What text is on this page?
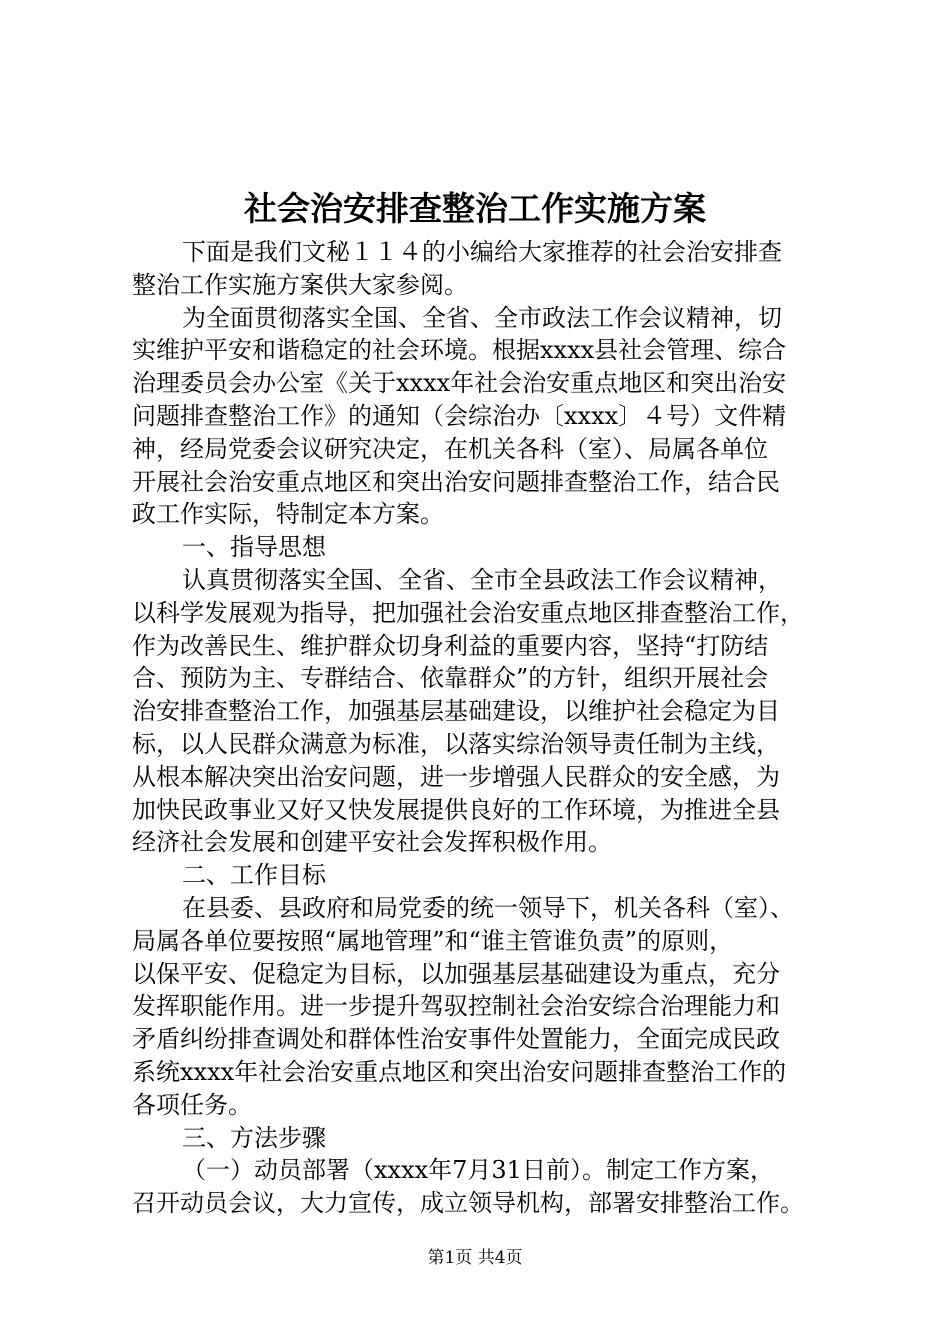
社会治安排查整治工作实施方案
下面是我们文秘１１４的小编给大家推荐的社会治安排查
整治工作实施方案供大家参阅。
为全面贯彻落实全国、全省、全市政法工作会议精神，切
实维护平安和谐稳定的社会环境。根据xxxx县社会管理、综合
治理委员会办公室《关于xxxx年社会治安重点地区和突出治安
问题排查整治工作》的通知（会综治办〔xxxx〕４号）文件精
神，经局党委会议研究决定，在机关各科（室）、局属各单位
开展社会治安重点地区和突出治安问题排查整治工作，结合民
政工作实际，特制定本方案。
一、指导思想
认真贯彻落实全国、全省、全市全县政法工作会议精神，
以科学发展观为指导，把加强社会治安重点地区排查整治工作，
作为改善民生、维护群众切身利益的重要内容，坚持“打防结
合、预防为主、专群结合、依靠群众”的方针，组织开展社会
治安排查整治工作，加强基层基础建设，以维护社会稳定为目
标，以人民群众满意为标准，以落实综治领导责任制为主线，
从根本解决突出治安问题，进一步增强人民群众的安全感，为
加快民政事业又好又快发展提供良好的工作环境，为推进全县
经济社会发展和创建平安社会发挥积极作用。
二、工作目标
在县委、县政府和局党委的统一领导下，机关各科（室）、
局属各单位要按照“属地管理”和“谁主管谁负责”的原则，
以保平安、促稳定为目标，以加强基层基础建设为重点，充分
发挥职能作用。进一步提升驾驭控制社会治安综合治理能力和
矛盾纠纷排查调处和群体性治安事件处置能力，全面完成民政
系统xxxx年社会治安重点地区和突出治安问题排查整治工作的
各项任务。
三、方法步骤
（一）动员部署（xxxx年7月31日前）。制定工作方案，
召开动员会议，大力宣传，成立领导机构，部署安排整治工作。
第1页 共4页
